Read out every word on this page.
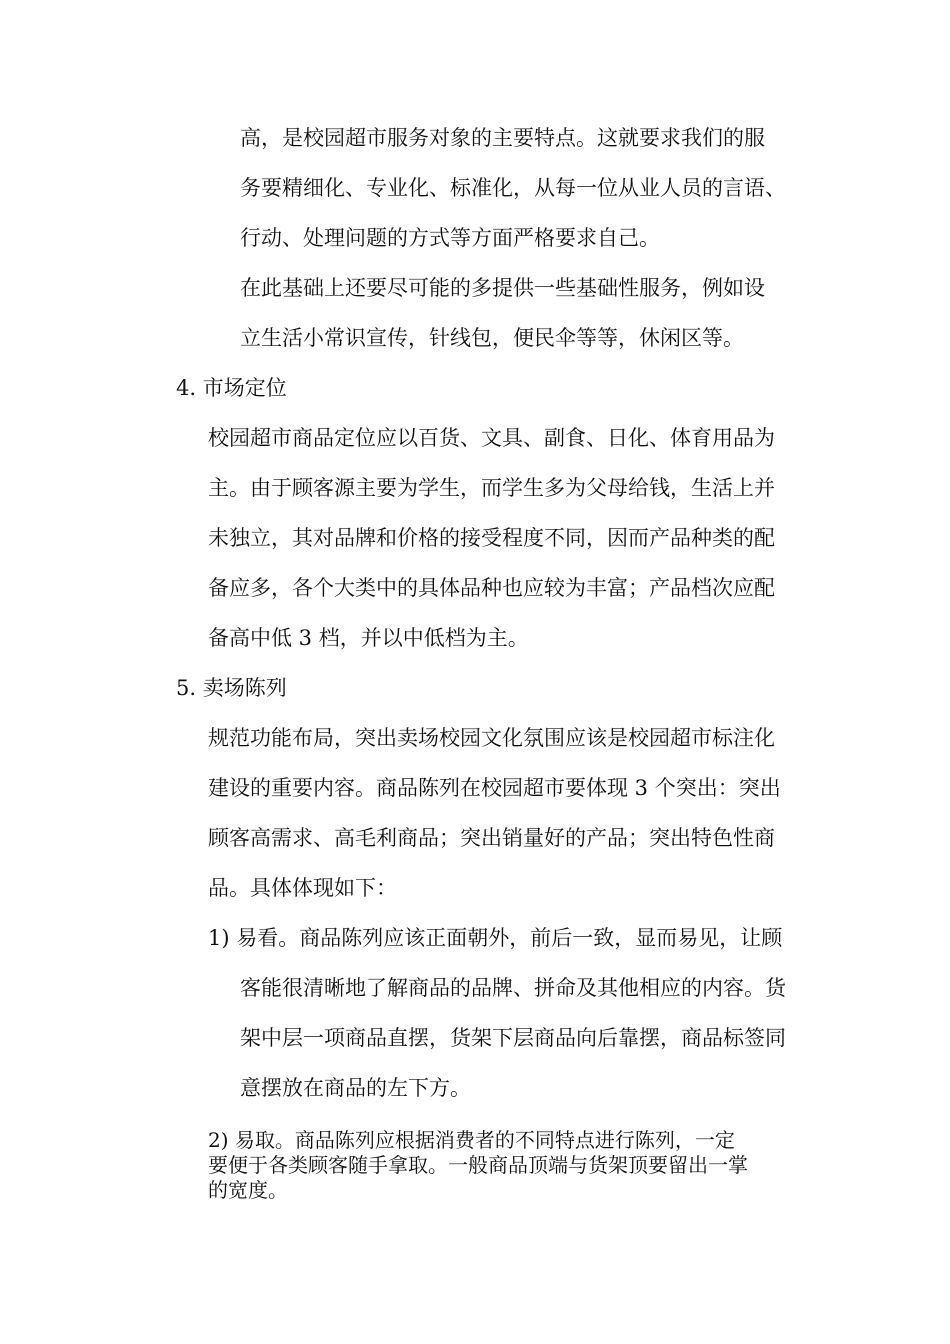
高，是校园超市服务对象的主要特点。这就要求我们的服
务要精细化、专业化、标准化，从每一位从业人员的言语、
行动、处理问题的方式等方面严格要求自己。
在此基础上还要尽可能的多提供一些基础性服务，例如设
立生活小常识宣传，针线包，便民伞等等，休闲区等。
4. 市场定位
校园超市商品定位应以百货、文具、副食、日化、体育用品为
主。由于顾客源主要为学生，而学生多为父母给钱，生活上并
未独立，其对品牌和价格的接受程度不同，因而产品种类的配
备应多，各个大类中的具体品种也应较为丰富；产品档次应配
备高中低 3 档，并以中低档为主。
5. 卖场陈列
规范功能布局，突出卖场校园文化氛围应该是校园超市标注化
建设的重要内容。商品陈列在校园超市要体现 3 个突出：突出
顾客高需求、高毛利商品；突出销量好的产品；突出特色性商
品。具体体现如下：
1) 易看。商品陈列应该正面朝外，前后一致，显而易见，让顾
客能很清晰地了解商品的品牌、拼命及其他相应的内容。货
架中层一项商品直摆，货架下层商品向后靠摆，商品标签同
意摆放在商品的左下方。
2) 易取。商品陈列应根据消费者的不同特点进行陈列，一定
要便于各类顾客随手拿取。一般商品顶端与货架顶要留出一掌
的宽度。
